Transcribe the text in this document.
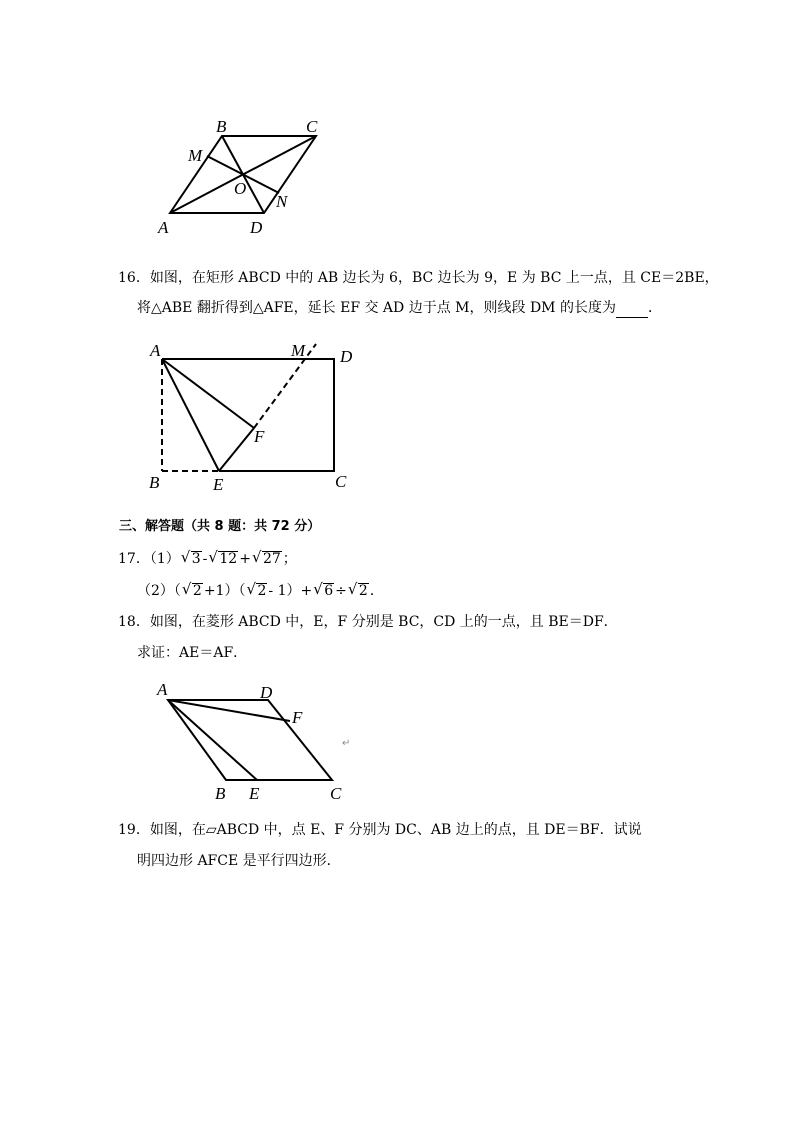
B	C
M
O
N
A	D
16．如图，在矩形 ABCD 中的 AB 边长为 6，BC 边长为 9，E 为 BC 上一点，且 CE＝2BE，
将△ABE 翻折得到△AFE，延长 EF 交 AD 边于点 M，则线段 DM 的长度为 ．
A	M D
F
B	E	C
三、解答题（共 8 题：共 72 分）
17．（1） √ 3 - √ 12 + √ 27 ；
（2）（ √ 2 +1）（ √ 2- 1）+ √ 6 ÷ √ 2 ．
18．如图，在菱形 ABCD 中，E，F 分别是 BC，CD 上的一点，且 BE＝DF．
求证：AE＝AF．
A	D
F
B E	C
↵
19．如图，在▱ABCD 中，点 E、F 分别为 DC、AB 边上的点，且 DE＝BF．试说
明四边形 AFCE 是平行四边形．
